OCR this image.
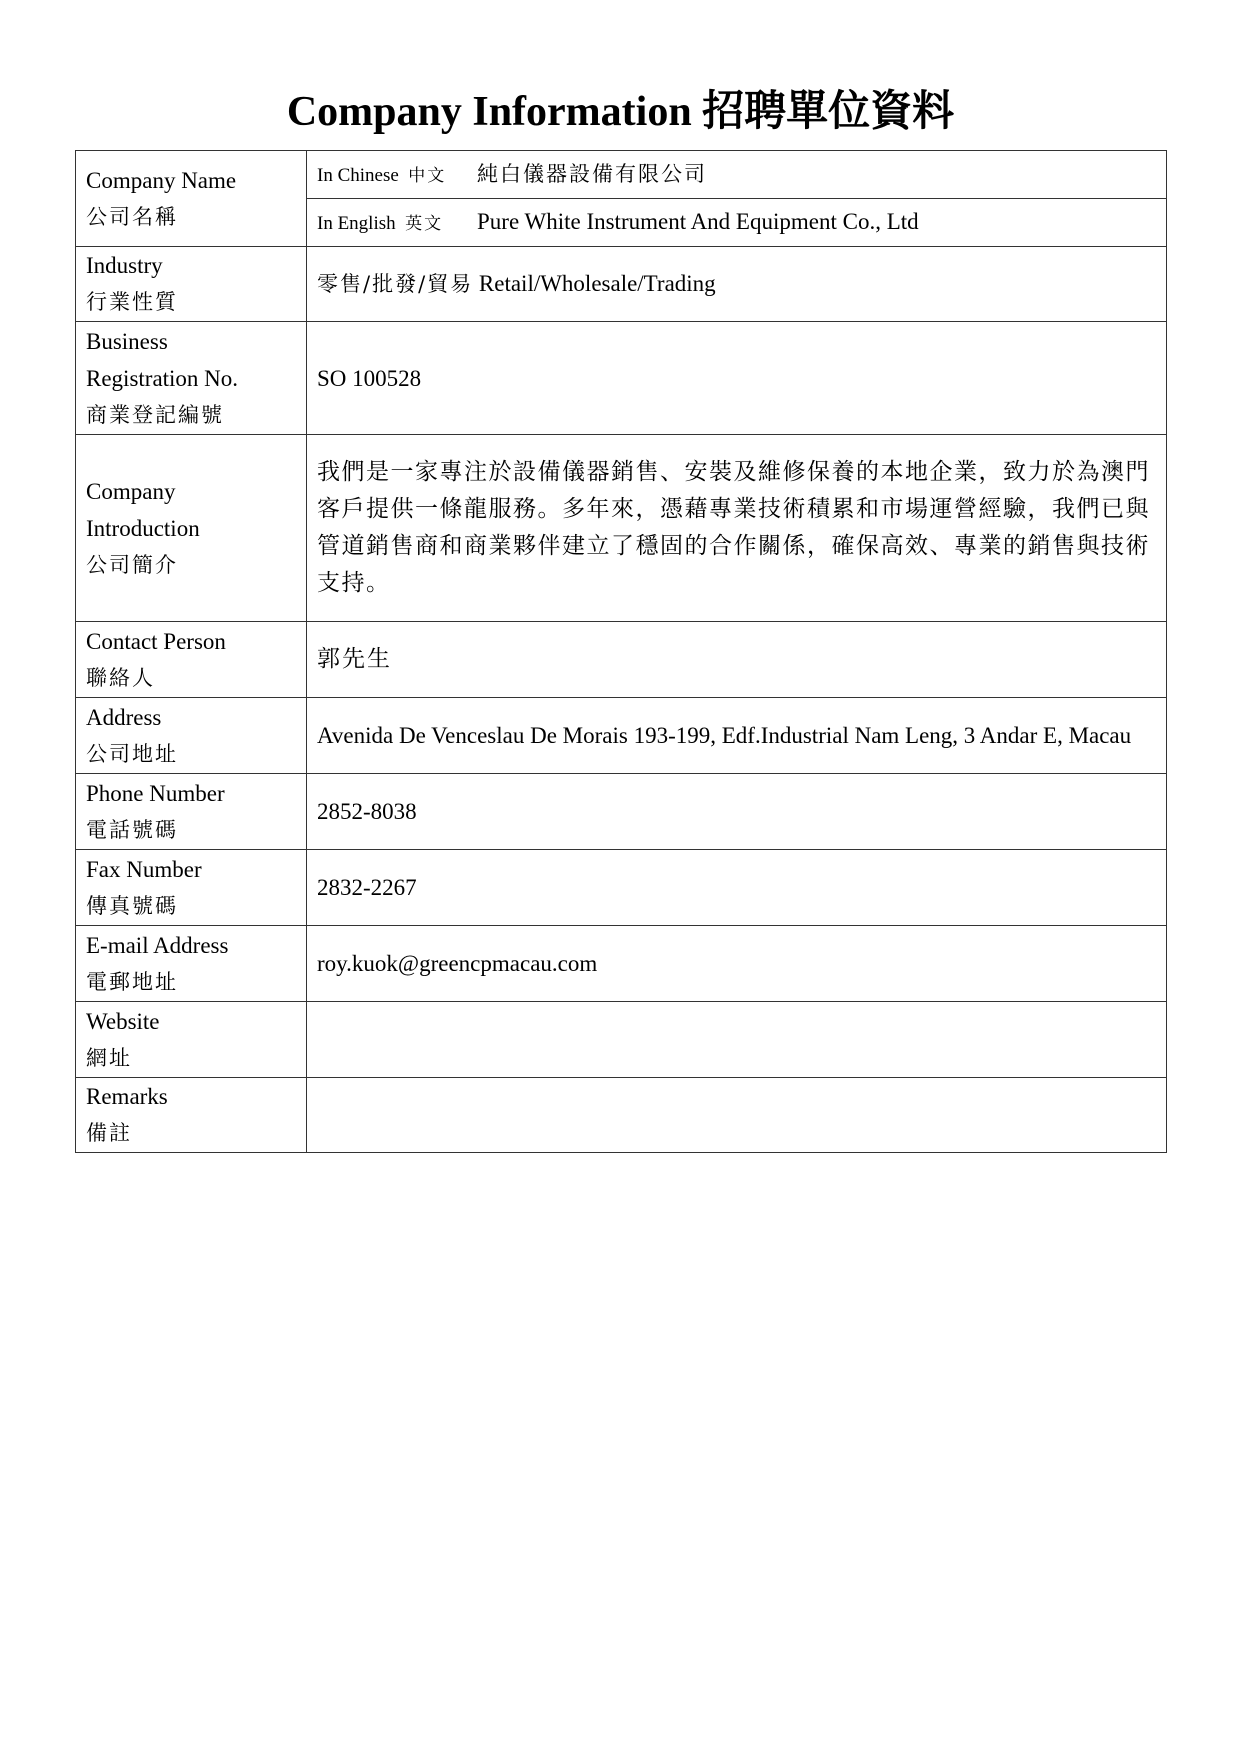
Company Information 招聘單位資料
Company Name
公司名稱	In Chinese 中文 純白儀器設備有限公司
	In English 英文 Pure White Instrument And Equipment Co., Ltd

Industry
行業性質	零售/批發/貿易 Retail/Wholesale/Trading

Business
Registration No.
商業登記編號	SO 100528

Company
Introduction
公司簡介	我們是一家專注於設備儀器銷售、安裝及維修保養的本地企業，致力於為澳門客戶提供一條龍服務。多年來，憑藉專業技術積累和市場運營經驗，我們已與管道銷售商和商業夥伴建立了穩固的合作關係，確保高效、專業的銷售與技術支持。

Contact Person
聯絡人	郭先生

Address
公司地址	Avenida De Venceslau De Morais 193-199, Edf.Industrial Nam Leng, 3 Andar E, Macau

Phone Number
電話號碼	2852-8038

Fax Number
傳真號碼	2832-2267

E-mail Address
電郵地址	roy.kuok@greencpmacau.com

Website
網址	

Remarks
備註	
